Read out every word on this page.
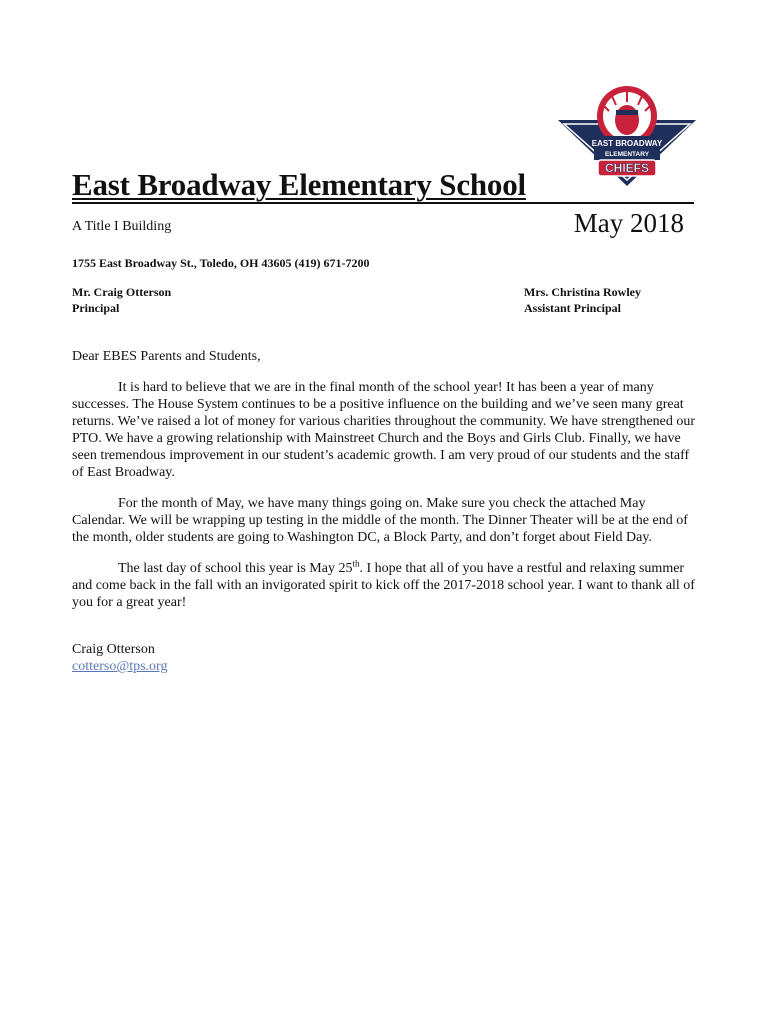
EAST BROADWAY
ELEMENTARY
CHIEFS
East Broadway Elementary School
A Title I Building	May 2018
1755 East Broadway St., Toledo, OH 43605 (419) 671-7200
Mr. Craig Otterson
Principal
Mrs. Christina Rowley
Assistant Principal

Dear EBES Parents and Students,

It is hard to believe that we are in the final month of the school year! It has been a year of many successes. The House System continues to be a positive influence on the building and we’ve seen many great returns. We’ve raised a lot of money for various charities throughout the community. We have strengthened our PTO. We have a growing relationship with Mainstreet Church and the Boys and Girls Club. Finally, we have seen tremendous improvement in our student’s academic growth. I am very proud of our students and the staff of East Broadway.

For the month of May, we have many things going on. Make sure you check the attached May Calendar. We will be wrapping up testing in the middle of the month. The Dinner Theater will be at the end of the month, older students are going to Washington DC, a Block Party, and don’t forget about Field Day.

The last day of school this year is May 25th. I hope that all of you have a restful and relaxing summer and come back in the fall with an invigorated spirit to kick off the 2017-2018 school year. I want to thank all of you for a great year!

Craig Otterson
cotterso@tps.org
